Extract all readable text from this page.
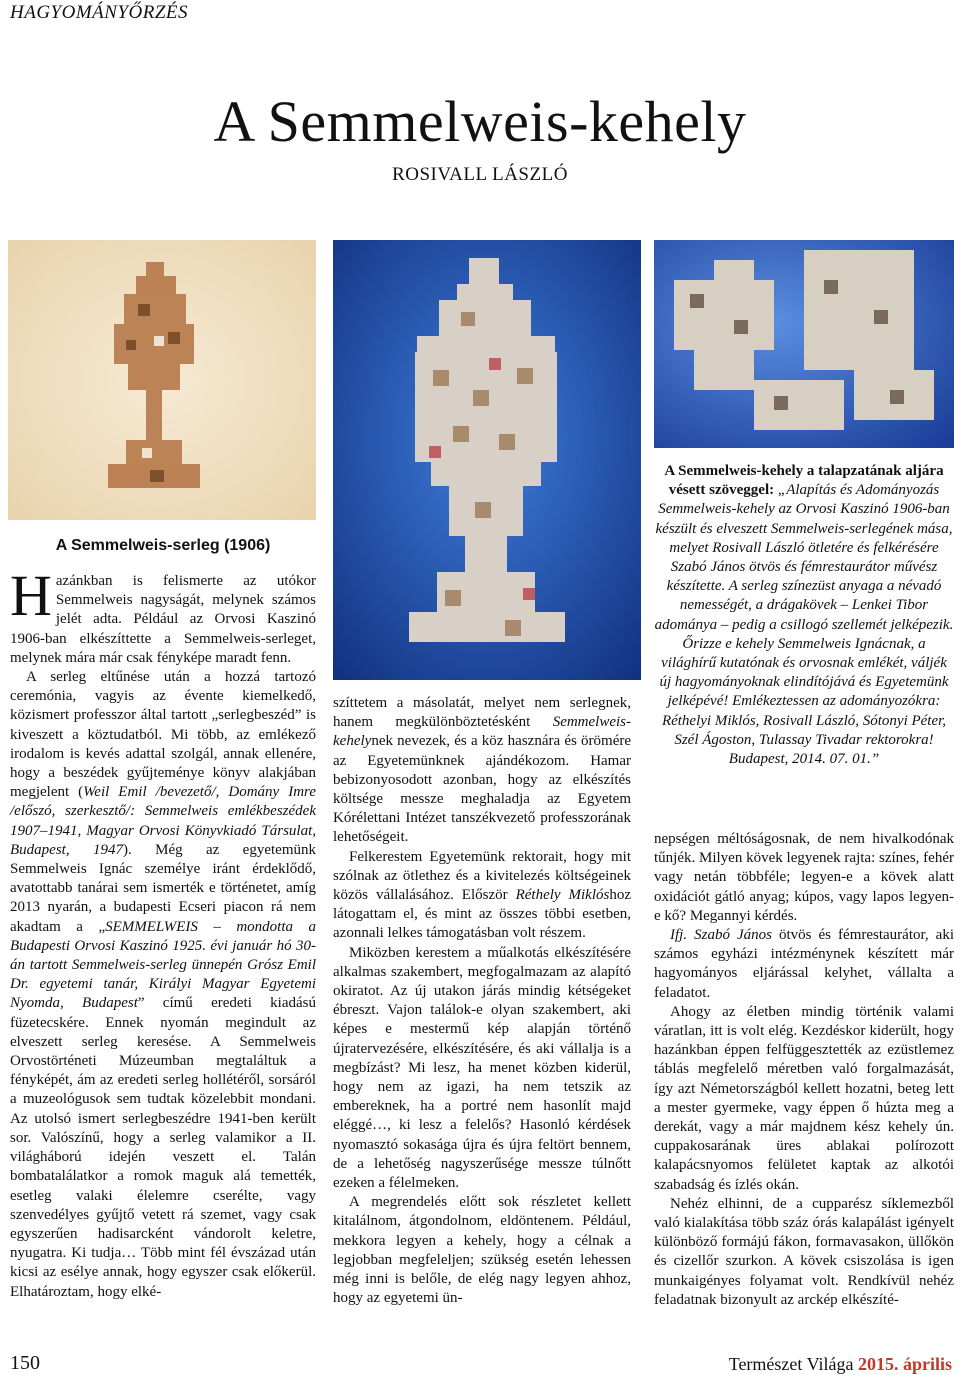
HAGYOMÁNYŐRZÉS
A Semmelweis-kehely
ROSIVALL LÁSZLÓ
A Semmelweis-serleg (1906)
A Semmelweis-kehely a talapzatának aljára vésett szöveggel: „Alapítás és Adományozás Semmelweis-kehely az Orvosi Kaszinó 1906-ban készült és elveszett Semmelweis-serlegének mása, melyet Rosivall László ötletére és felkérésére Szabó János ötvös és fémrestaurátor művész készítette. A serleg színezüst anyaga a névadó nemességét, a drágakövek – Lenkei Tibor adománya – pedig a csillogó szellemét jelképezik. Őrizze e kehely Semmelweis Ignácnak, a világhírű kutatónak és orvosnak emlékét, váljék új hagyományoknak elindítójává és Egyetemünk jelképévé! Emlékeztessen az adományozókra: Réthelyi Miklós, Rosivall László, Sótonyi Péter, Szél Ágoston, Tulassay Tivadar rektorokra! Budapest, 2014. 07. 01.”

Hazánkban is felismerte az utókor Semmelweis nagyságát, melynek számos jelét adta. Például az Orvosi Kaszinó 1906-ban elkészíttette a Semmelweis-serleget, melynek mára már csak fényképe maradt fenn.

A serleg eltűnése után a hozzá tartozó ceremónia, vagyis az évente kiemelkedő, közismert professzor által tartott „serlegbeszéd” is kiveszett a köztudatból. Mi több, az emlékező irodalom is kevés adattal szolgál, annak ellenére, hogy a beszédek gyűjteménye könyv alakjában megjelent (Weil Emil /bevezető/, Domány Imre /előszó, szerkesztő/: Semmelweis emlékbeszédek 1907–1941, Magyar Orvosi Könyvkiadó Társulat, Budapest, 1947). Még az egyetemünk Semmelweis Ignác személye iránt érdeklődő, avatottabb tanárai sem ismerték e történetet, amíg 2013 nyarán, a budapesti Ecseri piacon rá nem akadtam a „SEMMELWEIS – mondotta a Budapesti Orvosi Kaszinó 1925. évi január hó 30-án tartott Semmelweis-serleg ünnepén Grósz Emil Dr. egyetemi tanár, Királyi Magyar Egyetemi Nyomda, Budapest” című eredeti kiadású füzetecskére. Ennek nyomán megindult az elveszett serleg keresése. A Semmelweis Orvostörténeti Múzeumban megtaláltuk a fényképét, ám az eredeti serleg hollétéről, sorsáról a muzeológusok sem tudtak közelebbit mondani. Az utolsó ismert serlegbeszédre 1941-ben került sor. Valószínű, hogy a serleg valamikor a II. világháború idején veszett el. Talán bombatalálatkor a romok maguk alá temették, esetleg valaki élelemre cserélte, vagy szenvedélyes gyűjtő vetett rá szemet, vagy csak egyszerűen hadisarcként vándorolt keletre, nyugatra. Ki tudja… Több mint fél évszázad után kicsi az esélye annak, hogy egyszer csak előkerül. Elhatároztam, hogy elké-

szíttetem a másolatát, melyet nem serlegnek, hanem megkülönböztetésként Semmelweis-kehelynek nevezek, és a köz hasznára és örömére az Egyetemünknek ajándékozom. Hamar bebizonyosodott azonban, hogy az elkészítés költsége messze meghaladja az Egyetem Kórélettani Intézet tanszékvezető professzorának lehetőségeit.

Felkerestem Egyetemünk rektorait, hogy mit szólnak az ötlethez és a kivitelezés költségeinek közös vállalásához. Először Réthely Miklóshoz látogattam el, és mint az összes többi esetben, azonnali lelkes támogatásban volt részem.

Miközben kerestem a műalkotás elkészítésére alkalmas szakembert, megfogalmazam az alapító okiratot. Az új utakon járás mindig kétségeket ébreszt. Vajon találok-e olyan szakembert, aki képes e mestermű kép alapján történő újratervezésére, elkészítésére, és aki vállalja is a megbízást? Mi lesz, ha menet közben kiderül, hogy nem az igazi, ha nem tetszik az embereknek, ha a portré nem hasonlít majd eléggé…, ki lesz a felelős? Hasonló kérdések nyomasztó sokasága újra és újra feltört bennem, de a lehetőség nagyszerűsége messze túlnőtt ezeken a félelmeken.

A megrendelés előtt sok részletet kellett kitalálnom, átgondolnom, eldöntenem. Például, mekkora legyen a kehely, hogy a célnak a legjobban megfeleljen; szükség esetén lehessen még inni is belőle, de elég nagy legyen ahhoz, hogy az egyetemi ün-

nepségen méltóságosnak, de nem hivalkodónak tűnjék. Milyen kövek legyenek rajta: színes, fehér vagy netán többféle; legyen-e a kövek alatt oxidációt gátló anyag; kúpos, vagy lapos legyen-e kő? Megannyi kérdés.

Ifj. Szabó János ötvös és fémrestaurátor, aki számos egyházi intézménynek készített már hagyományos eljárással kelyhet, vállalta a feladatot.

Ahogy az életben mindig történik valami váratlan, itt is volt elég. Kezdéskor kiderült, hogy hazánkban éppen felfüggesztették az ezüstlemez táblás megfelelő méretben való forgalmazását, így azt Németországból kellett hozatni, beteg lett a mester gyermeke, vagy éppen ő húzta meg a derekát, vagy a már majdnem kész kehely ún. cuppakosarának üres ablakai polírozott kalapácsnyomos felületet kaptak az alkotói szabadság és ízlés okán.

Nehéz elhinni, de a cupparész síklemezből való kialakítása több száz órás kalapálást igényelt különböző formájú fákon, formavasakon, üllőkön és cizellőr szurkon. A kövek csiszolása is igen munkaigényes folyamat volt. Rendkívül nehéz feladatnak bizonyult az arckép elkészíté-

150	Természet Világa 2015. április
